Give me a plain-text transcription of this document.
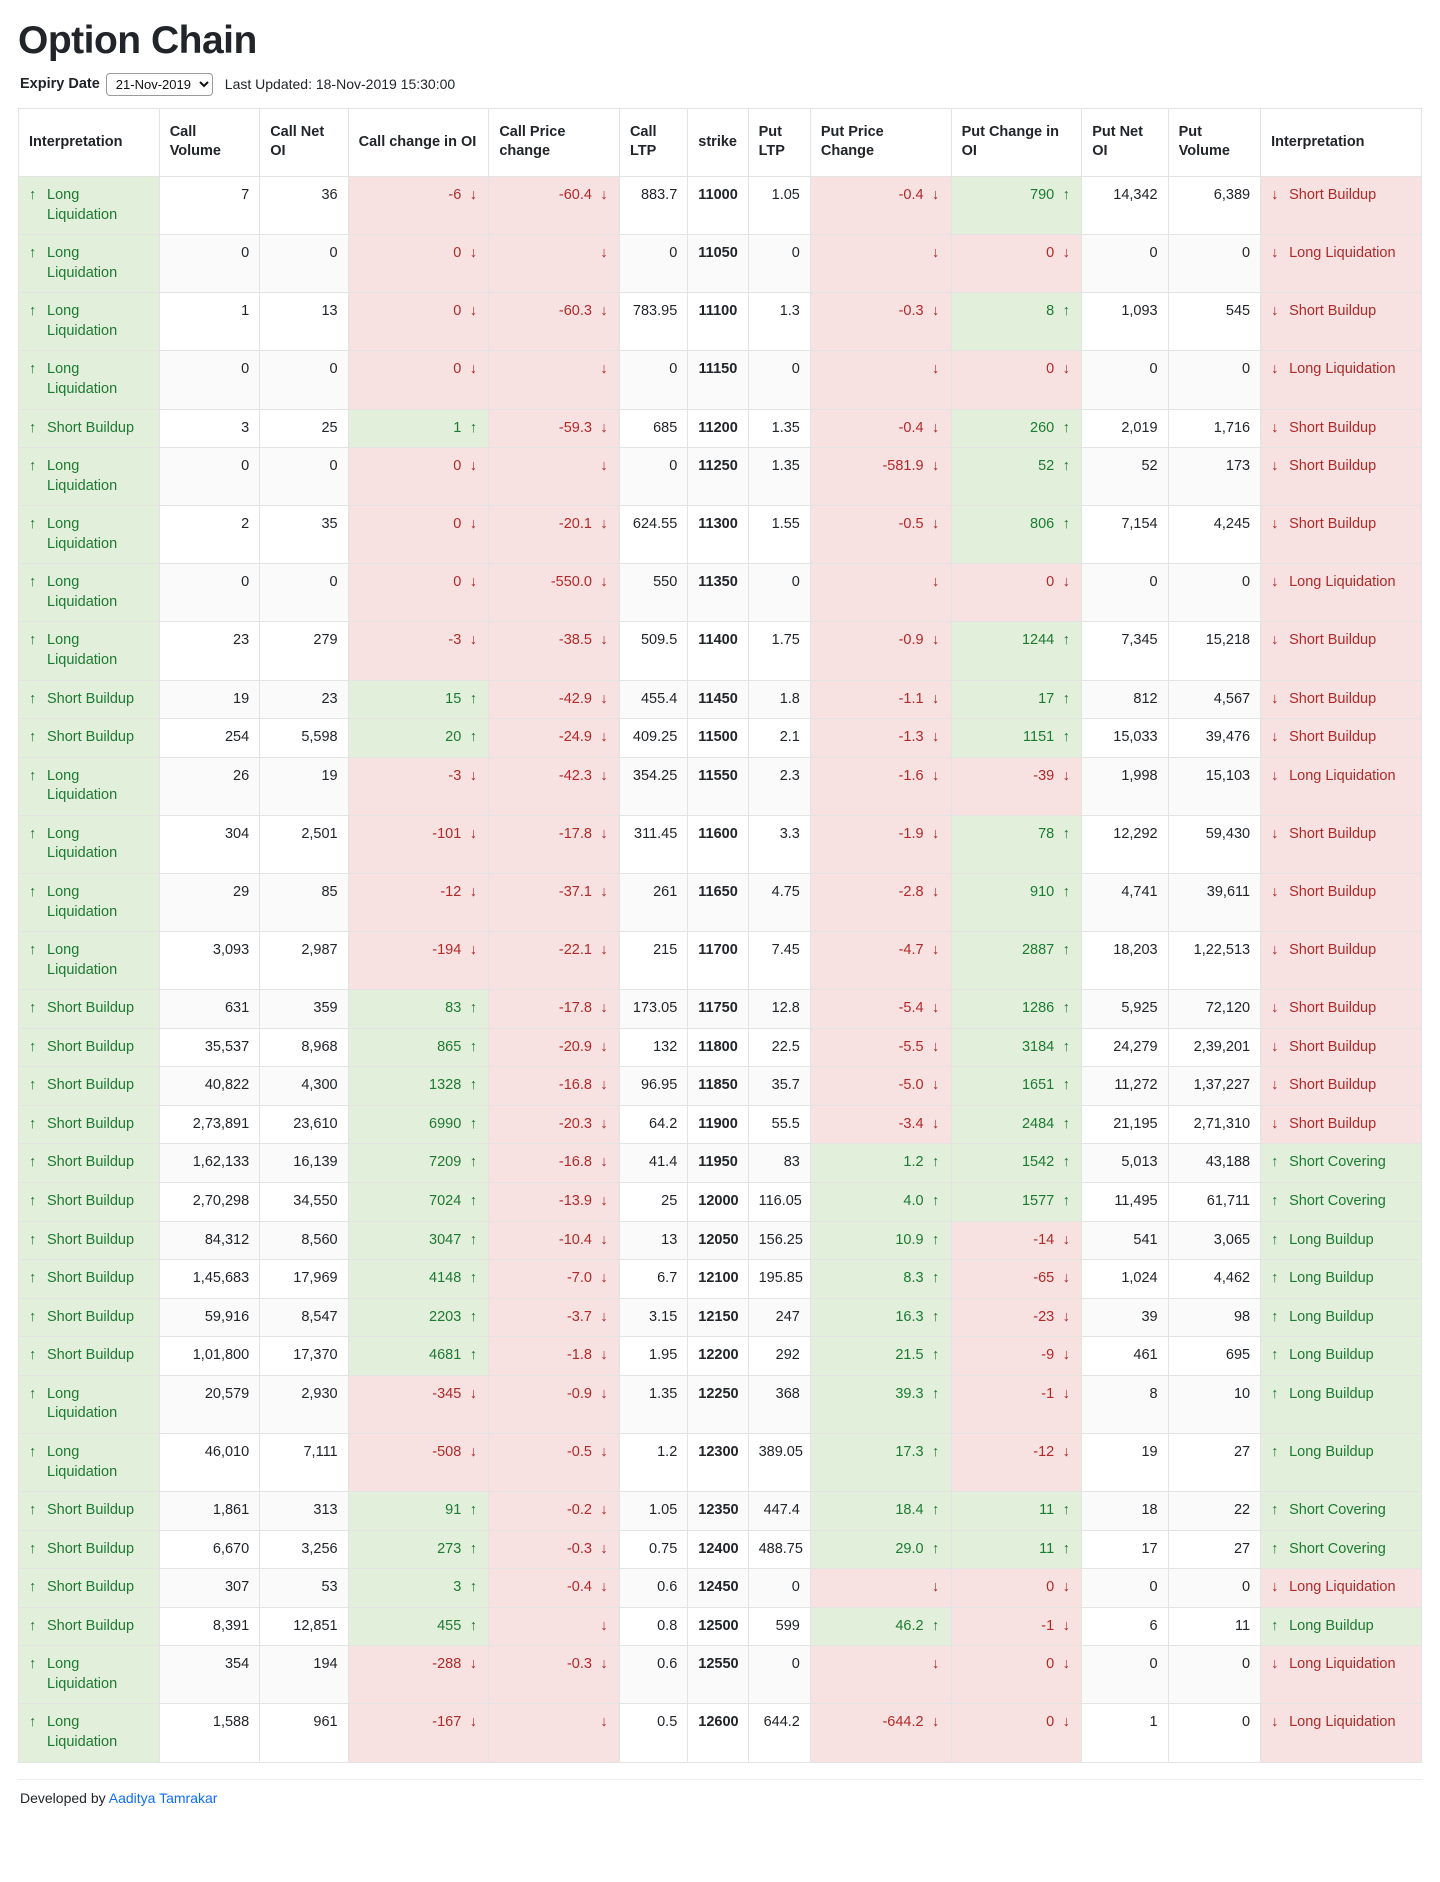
Option Chain
Expiry Date
21-Nov-2019	Last Updated: 18-Nov-2019 15:30:00
Interpretation	Call Volume	Call Net OI	Call change in OI	Call Price change	Call LTP	strike	Put LTP	Put Price Change	Put Change in OI	Put Net OI	Put Volume	Interpretation

↑ Long Liquidation	7	36	-6 ↓	-60.4 ↓	883.7	11000	1.05	-0.4 ↓	790 ↑	14,342	6,389	↓ Short Buildup

↑ Long Liquidation	0	0	0 ↓	↓	0	11050	0	↓	0 ↓	0	0	↓ Long Liquidation

↑ Long Liquidation	1	13	0 ↓	-60.3 ↓	783.95	11100	1.3	-0.3 ↓	8 ↑	1,093	545	↓ Short Buildup

↑ Long Liquidation	0	0	0 ↓	↓	0	11150	0	↓	0 ↓	0	0	↓ Long Liquidation

↑ Short Buildup	3	25	1 ↑	-59.3 ↓	685	11200	1.35	-0.4 ↓	260 ↑	2,019	1,716	↓ Short Buildup

↑ Long Liquidation	0	0	0 ↓	↓	0	11250	1.35	-581.9 ↓	52 ↑	52	173	↓ Short Buildup

↑ Long Liquidation	2	35	0 ↓	-20.1 ↓	624.55	11300	1.55	-0.5 ↓	806 ↑	7,154	4,245	↓ Short Buildup

↑ Long Liquidation	0	0	0 ↓	-550.0 ↓	550	11350	0	↓	0 ↓	0	0	↓ Long Liquidation

↑ Long Liquidation	23	279	-3 ↓	-38.5 ↓	509.5	11400	1.75	-0.9 ↓	1244 ↑	7,345	15,218	↓ Short Buildup

↑ Short Buildup	19	23	15 ↑	-42.9 ↓	455.4	11450	1.8	-1.1 ↓	17 ↑	812	4,567	↓ Short Buildup

↑ Short Buildup	254	5,598	20 ↑	-24.9 ↓	409.25	11500	2.1	-1.3 ↓	1151 ↑	15,033	39,476	↓ Short Buildup

↑ Long Liquidation	26	19	-3 ↓	-42.3 ↓	354.25	11550	2.3	-1.6 ↓	-39 ↓	1,998	15,103	↓ Long Liquidation

↑ Long Liquidation	304	2,501	-101 ↓	-17.8 ↓	311.45	11600	3.3	-1.9 ↓	78 ↑	12,292	59,430	↓ Short Buildup

↑ Long Liquidation	29	85	-12 ↓	-37.1 ↓	261	11650	4.75	-2.8 ↓	910 ↑	4,741	39,611	↓ Short Buildup

↑ Long Liquidation	3,093	2,987	-194 ↓	-22.1 ↓	215	11700	7.45	-4.7 ↓	2887 ↑	18,203	1,22,513	↓ Short Buildup

↑ Short Buildup	631	359	83 ↑	-17.8 ↓	173.05	11750	12.8	-5.4 ↓	1286 ↑	5,925	72,120	↓ Short Buildup

↑ Short Buildup	35,537	8,968	865 ↑	-20.9 ↓	132	11800	22.5	-5.5 ↓	3184 ↑	24,279	2,39,201	↓ Short Buildup

↑ Short Buildup	40,822	4,300	1328 ↑	-16.8 ↓	96.95	11850	35.7	-5.0 ↓	1651 ↑	11,272	1,37,227	↓ Short Buildup

↑ Short Buildup	2,73,891	23,610	6990 ↑	-20.3 ↓	64.2	11900	55.5	-3.4 ↓	2484 ↑	21,195	2,71,310	↓ Short Buildup

↑ Short Buildup	1,62,133	16,139	7209 ↑	-16.8 ↓	41.4	11950	83	1.2 ↑	1542 ↑	5,013	43,188	↑ Short Covering

↑ Short Buildup	2,70,298	34,550	7024 ↑	-13.9 ↓	25	12000	116.05	4.0 ↑	1577 ↑	11,495	61,711	↑ Short Covering

↑ Short Buildup	84,312	8,560	3047 ↑	-10.4 ↓	13	12050	156.25	10.9 ↑	-14 ↓	541	3,065	↑ Long Buildup

↑ Short Buildup	1,45,683	17,969	4148 ↑	-7.0 ↓	6.7	12100	195.85	8.3 ↑	-65 ↓	1,024	4,462	↑ Long Buildup

↑ Short Buildup	59,916	8,547	2203 ↑	-3.7 ↓	3.15	12150	247	16.3 ↑	-23 ↓	39	98	↑ Long Buildup

↑ Short Buildup	1,01,800	17,370	4681 ↑	-1.8 ↓	1.95	12200	292	21.5 ↑	-9 ↓	461	695	↑ Long Buildup

↑ Long Liquidation	20,579	2,930	-345 ↓	-0.9 ↓	1.35	12250	368	39.3 ↑	-1 ↓	8	10	↑ Long Buildup

↑ Long Liquidation	46,010	7,111	-508 ↓	-0.5 ↓	1.2	12300	389.05	17.3 ↑	-12 ↓	19	27	↑ Long Buildup

↑ Short Buildup	1,861	313	91 ↑	-0.2 ↓	1.05	12350	447.4	18.4 ↑	11 ↑	18	22	↑ Short Covering

↑ Short Buildup	6,670	3,256	273 ↑	-0.3 ↓	0.75	12400	488.75	29.0 ↑	11 ↑	17	27	↑ Short Covering

↑ Short Buildup	307	53	3 ↑	-0.4 ↓	0.6	12450	0	↓	0 ↓	0	0	↓ Long Liquidation

↑ Short Buildup	8,391	12,851	455 ↑	↓	0.8	12500	599	46.2 ↑	-1 ↓	6	11	↑ Long Buildup

↑ Long Liquidation	354	194	-288 ↓	-0.3 ↓	0.6	12550	0	↓	0 ↓	0	0	↓ Long Liquidation

↑ Long Liquidation	1,588	961	-167 ↓	↓	0.5	12600	644.2	-644.2 ↓	0 ↓	1	0	↓ Long Liquidation
Developed by Aaditya Tamrakar
